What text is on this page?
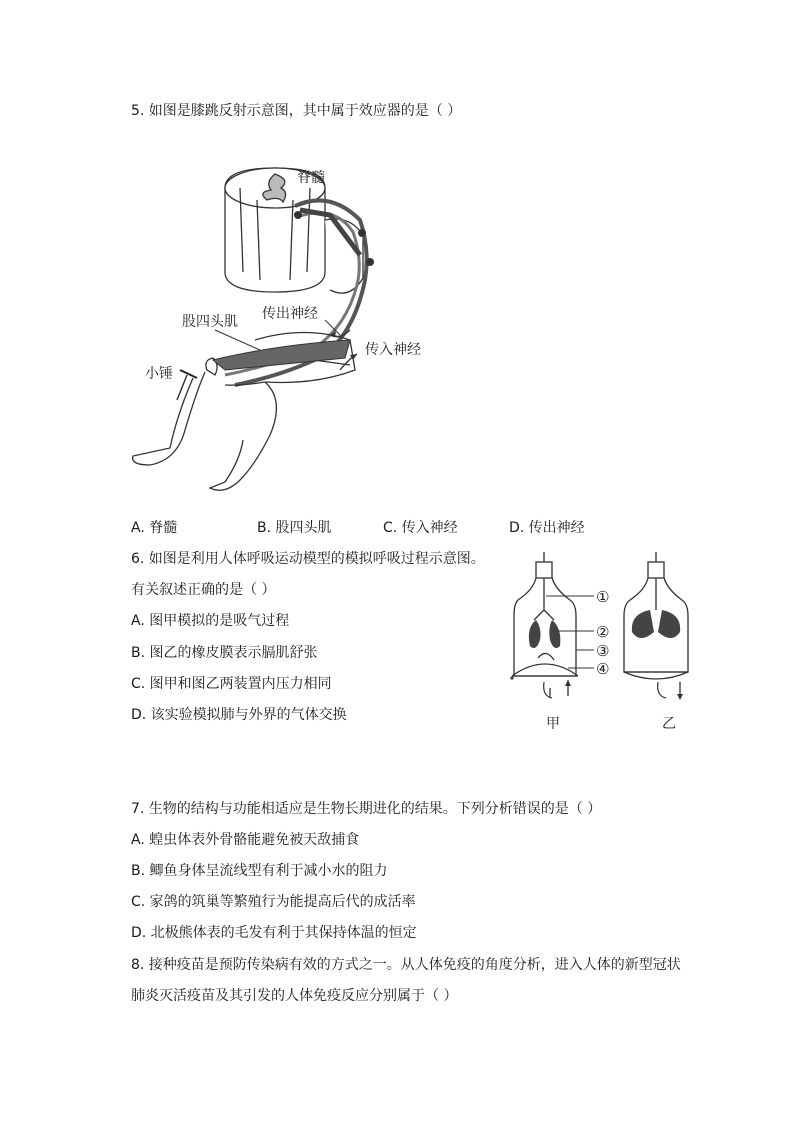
5. 如图是膝跳反射示意图，其中属于效应器的是（ ）
脊髓
股四头肌 传出神经
传入神经
小锤
A. 脊髓	B. 股四头肌	C. 传入神经	D. 传出神经
6. 如图是利用人体呼吸运动模型的模拟呼吸过程示意图。
有关叙述正确的是（ ）
A. 图甲模拟的是吸气过程
B. 图乙的橡皮膜表示膈肌舒张
C. 图甲和图乙两装置内压力相同
D. 该实验模拟肺与外界的气体交换
①
②
③
④
甲	乙
7. 生物的结构与功能相适应是生物长期进化的结果。下列分析错误的是（ ）
A. 蝗虫体表外骨骼能避免被天敌捕食
B. 鲫鱼身体呈流线型有利于减小水的阻力
C. 家鸽的筑巢等繁殖行为能提高后代的成活率
D. 北极熊体表的毛发有利于其保持体温的恒定
8. 接种疫苗是预防传染病有效的方式之一。从人体免疫的角度分析，进入人体的新型冠状
肺炎灭活疫苗及其引发的人体免疫反应分别属于（ ）
